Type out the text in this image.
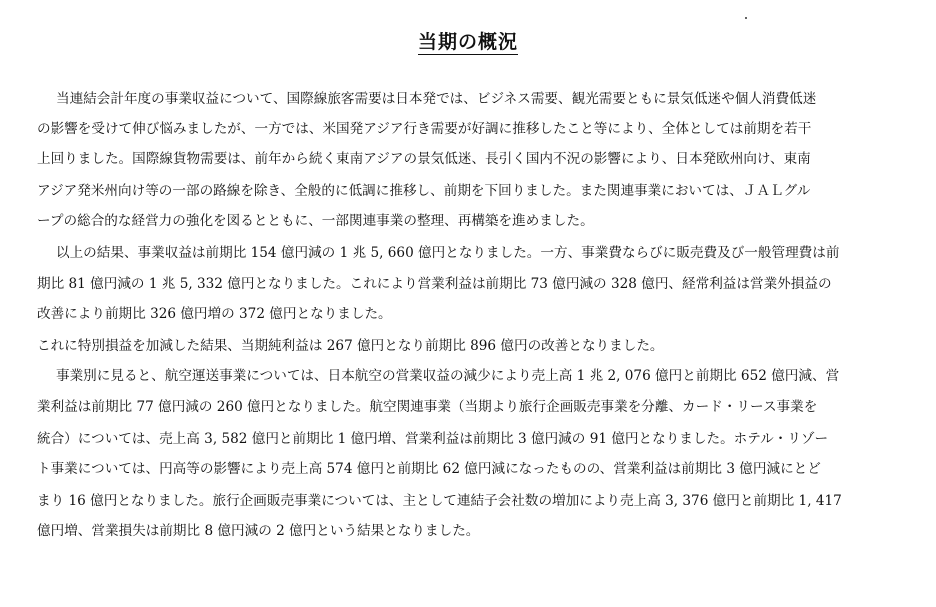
当期の概況
当連結会計年度の事業収益について、国際線旅客需要は日本発では、ビジネス需要、観光需要ともに景気低迷や個人消費低迷
の影響を受けて伸び悩みましたが、一方では、米国発アジア行き需要が好調に推移したこと等により、全体としては前期を若干
上回りました。国際線貨物需要は、前年から続く東南アジアの景気低迷、長引く国内不況の影響により、日本発欧州向け、東南
アジア発米州向け等の一部の路線を除き、全般的に低調に推移し、前期を下回りました。また関連事業においては、ＪＡＬグル
ープの総合的な経営力の強化を図るとともに、一部関連事業の整理、再構築を進めました。
以上の結果、事業収益は前期比 154 億円減の 1 兆 5, 660 億円となりました。一方、事業費ならびに販売費及び一般管理費は前
期比 81 億円減の 1 兆 5, 332 億円となりました。これにより営業利益は前期比 73 億円減の 328 億円、経常利益は営業外損益の
改善により前期比 326 億円増の 372 億円となりました。
これに特別損益を加減した結果、当期純利益は 267 億円となり前期比 896 億円の改善となりました。
事業別に見ると、航空運送事業については、日本航空の営業収益の減少により売上高 1 兆 2, 076 億円と前期比 652 億円減、営
業利益は前期比 77 億円減の 260 億円となりました。航空関連事業（当期より旅行企画販売事業を分離、カード・リース事業を
統合）については、売上高 3, 582 億円と前期比 1 億円増、営業利益は前期比 3 億円減の 91 億円となりました。ホテル・リゾー
ト事業については、円高等の影響により売上高 574 億円と前期比 62 億円減になったものの、営業利益は前期比 3 億円減にとど
まり 16 億円となりました。旅行企画販売事業については、主として連結子会社数の増加により売上高 3, 376 億円と前期比 1, 417
億円増、営業損失は前期比 8 億円減の 2 億円という結果となりました。
